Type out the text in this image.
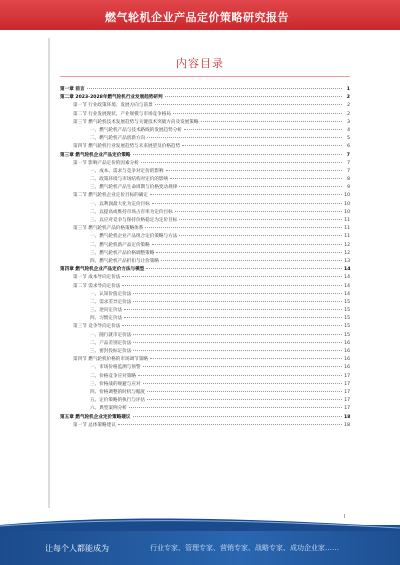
燃气轮机企业产品定价策略研究报告
内容目录
第一章 前言	1
第二章 2023-2028年燃气轮机行业发展趋势研判	2
第一节 行业政策环境、发展方向与前景	2
第二节 行业发展现状、产业规模与市场竞争格局	2
第三节 燃气轮机技术发展趋势与关键技术突破方向及发展策略	3
一、燃气轮机产品与技术路线的发展趋势分析	4
二、燃气轮机产品创新方向	5
第四节 燃气轮机行业发展趋势与未来展望及价格趋势	6
第三章 燃气轮机企业产品定价策略	7
第一节 影响产品定价的因素分析	7
一、成本、需求与竞争对定价的影响	7
二、政策环境与市场结构对定价的影响	8
三、燃气轮机产品生命周期与价格变动规律	9
第二节 燃气轮机企业定价目标的确定	10
一、以利润最大化为定价目标	10
二、以提高或维持市场占有率为定价目标	10
三、以应对竞争与保持价格稳定为定价目标	11
第三节 燃气轮机产品价格策略体系	11
一、燃气轮机企业产品组合定价策略与方法	11
二、燃气轮机新产品定价策略	12
三、燃气轮机产品价格调整策略	12
四、燃气轮机产品折扣与让价策略	13
第四章 燃气轮机企业产品定价方法与模型	14
第一节 成本导向定价法	14
第二节 需求导向定价法	14
一、认知价值定价法	14
二、需求差异定价法	15
三、逆向定价法	15
四、习惯定价法	15
第三节 竞争导向定价法	15
一、随行就市定价法	15
二、产品差别定价法	16
三、密封投标定价法	16
第四节 燃气轮机价格的市场调节策略	16
一、市场价格监测与预警	16
二、价格竞争应对策略	17
三、价格战的规避与应对	17
四、价格调整的时机与幅度	17
五、定价策略的执行与评估	17
六、典型案例分析	17
第五章 燃气轮机企业定价策略建议	18
第一节 总体策略建议	18
I
让每个人都能成为	行业专家、管理专家、营销专家、战略专家、成功企业家……
